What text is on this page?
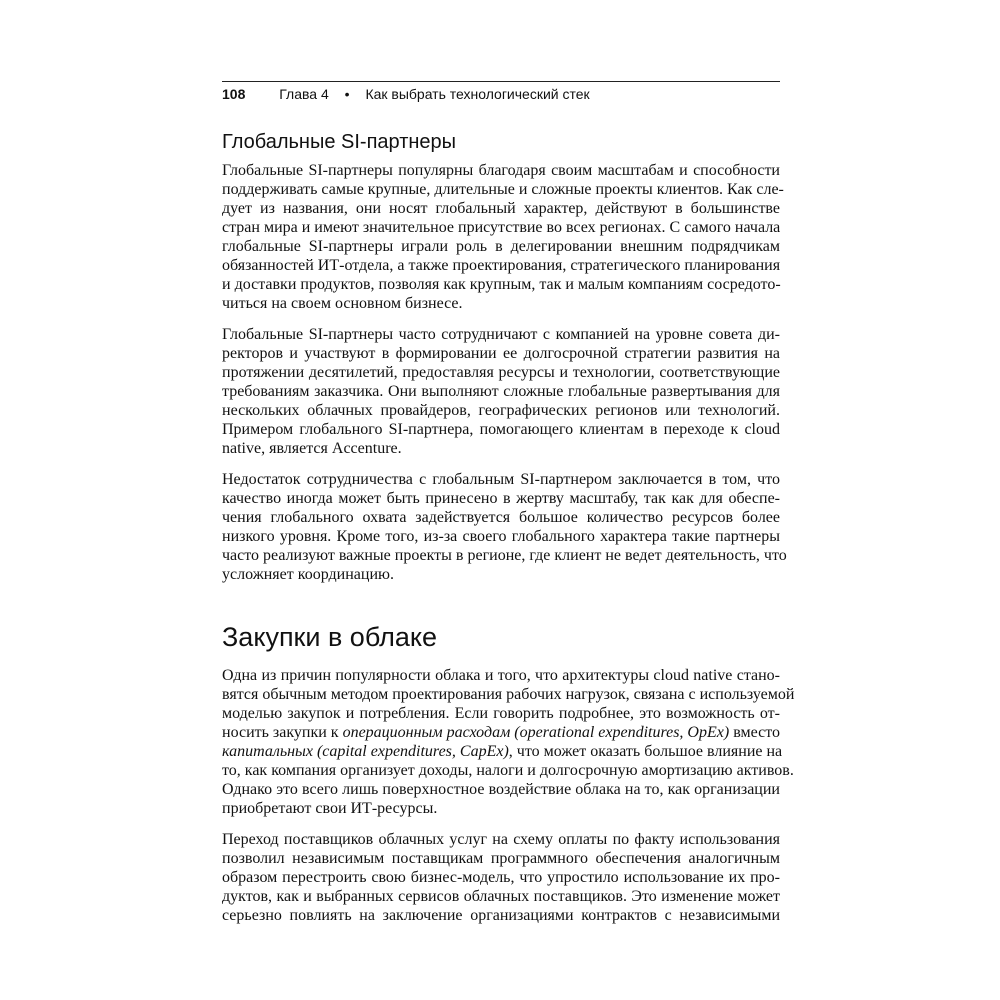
108 Глава 4 • Как выбрать технологический стек
Глобальные SI-партнеры
Глобальные SI-партнеры популярны благодаря своим масштабам и способности
поддерживать самые крупные, длительные и сложные проекты клиентов. Как сле-
дует из названия, они носят глобальный характер, действуют в большинстве
стран мира и имеют значительное присутствие во всех регионах. С самого начала
глобальные SI-партнеры играли роль в делегировании внешним подрядчикам
обязанностей ИТ-отдела, а также проектирования, стратегического планирования
и доставки продуктов, позволяя как крупным, так и малым компаниям сосредото-
читься на своем основном бизнесе.
Глобальные SI-партнеры часто сотрудничают с компанией на уровне совета ди-
ректоров и участвуют в формировании ее долгосрочной стратегии развития на
протяжении десятилетий, предоставляя ресурсы и технологии, соответствующие
требованиям заказчика. Они выполняют сложные глобальные развертывания для
нескольких облачных провайдеров, географических регионов или технологий.
Примером глобального SI-партнера, помогающего клиентам в переходе к cloud
native, является Accenture.
Недостаток сотрудничества с глобальным SI-партнером заключается в том, что
качество иногда может быть принесено в жертву масштабу, так как для обеспе-
чения глобального охвата задействуется большое количество ресурсов более
низкого уровня. Кроме того, из-за своего глобального характера такие партнеры
часто реализуют важные проекты в регионе, где клиент не ведет деятельность, что
усложняет координацию.
Закупки в облаке
Одна из причин популярности облака и того, что архитектуры cloud native стано-
вятся обычным методом проектирования рабочих нагрузок, связана с используемой
моделью закупок и потребления. Если говорить подробнее, это возможность от-
носить закупки к операционным расходам (operational expenditures, OpEx) вместо
капитальных (capital expenditures, CapEx), что может оказать большое влияние на
то, как компания организует доходы, налоги и долгосрочную амортизацию активов.
Однако это всего лишь поверхностное воздействие облака на то, как организации
приобретают свои ИТ-ресурсы.
Переход поставщиков облачных услуг на схему оплаты по факту использования
позволил независимым поставщикам программного обеспечения аналогичным
образом перестроить свою бизнес-модель, что упростило использование их про-
дуктов, как и выбранных сервисов облачных поставщиков. Это изменение может
серьезно повлиять на заключение организациями контрактов с независимыми
